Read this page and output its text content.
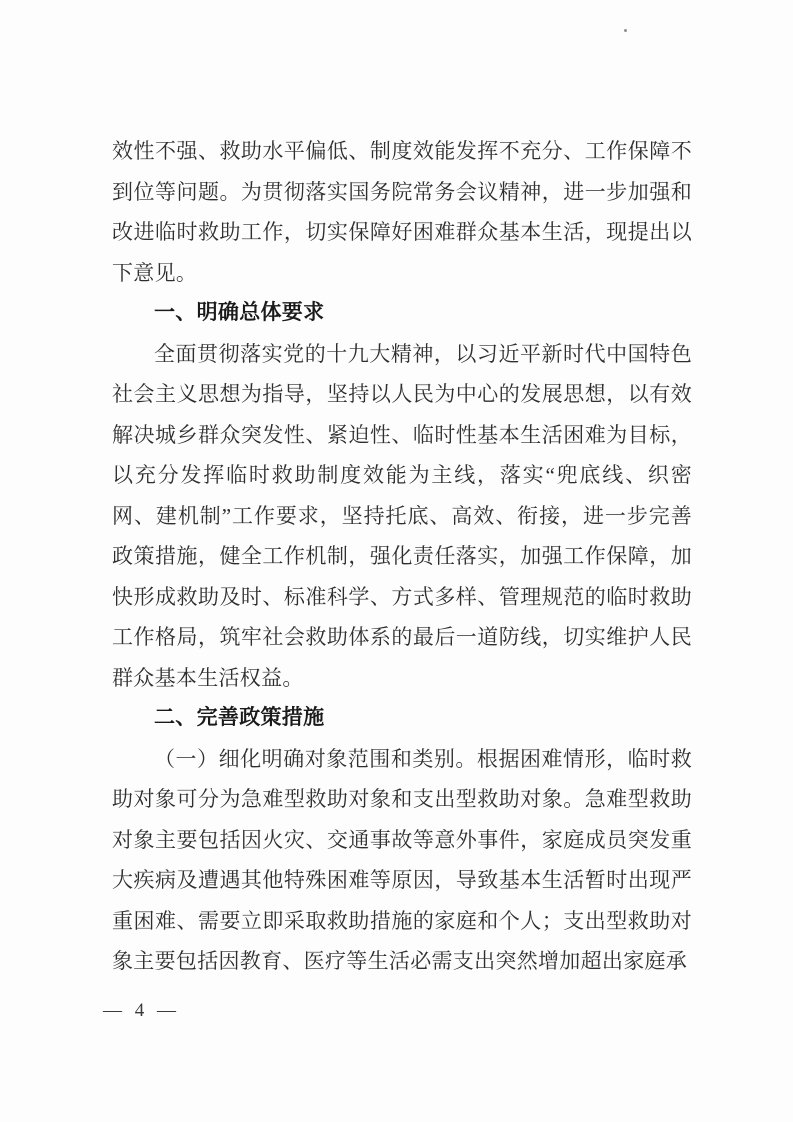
效性不强、救助水平偏低、制度效能发挥不充分、工作保障不到位等问题。为贯彻落实国务院常务会议精神，进一步加强和改进临时救助工作，切实保障好困难群众基本生活，现提出以下意见。
一、明确总体要求
全面贯彻落实党的十九大精神，以习近平新时代中国特色社会主义思想为指导，坚持以人民为中心的发展思想，以有效解决城乡群众突发性、紧迫性、临时性基本生活困难为目标，以充分发挥临时救助制度效能为主线，落实“兜底线、织密网、建机制”工作要求，坚持托底、高效、衔接，进一步完善政策措施，健全工作机制，强化责任落实，加强工作保障，加快形成救助及时、标准科学、方式多样、管理规范的临时救助工作格局，筑牢社会救助体系的最后一道防线，切实维护人民群众基本生活权益。
二、完善政策措施
（一）细化明确对象范围和类别。根据困难情形，临时救助对象可分为急难型救助对象和支出型救助对象。急难型救助对象主要包括因火灾、交通事故等意外事件，家庭成员突发重大疾病及遭遇其他特殊困难等原因，导致基本生活暂时出现严重困难、需要立即采取救助措施的家庭和个人；支出型救助对象主要包括因教育、医疗等生活必需支出突然增加超出家庭承
— 4 —
